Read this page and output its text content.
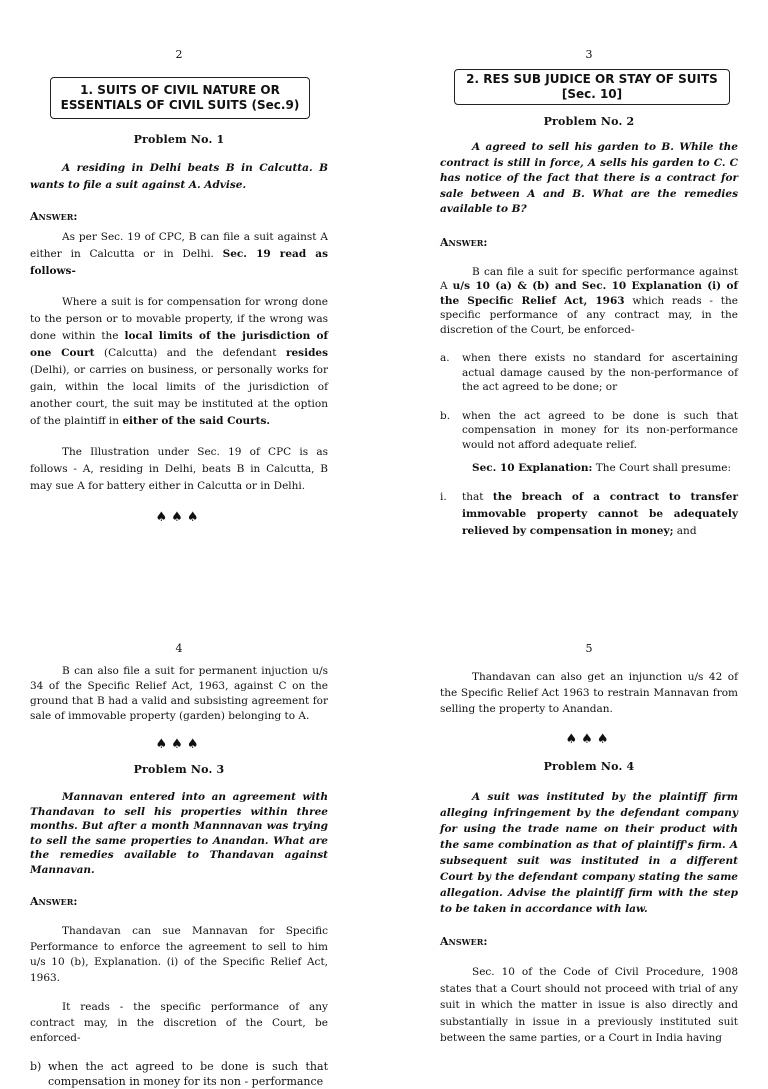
2

1. SUITS OF CIVIL NATURE OR
ESSENTIALS OF CIVIL SUITS (Sec.9)

Problem No. 1

A residing in Delhi beats B in Calcutta. B wants to file a suit against A. Advise.

Answer:

As per Sec. 19 of CPC, B can file a suit against A either in Calcutta or in Delhi. Sec. 19 read as follows-

Where a suit is for compensation for wrong done to the person or to movable property, if the wrong was done within the local limits of the jurisdiction of one Court (Calcutta) and the defendant resides (Delhi), or carries on business, or personally works for gain, within the local limits of the jurisdiction of another court, the suit may be instituted at the option of the plaintiff in either of the said Courts.

The Illustration under Sec. 19 of CPC is as follows - A, residing in Delhi, beats B in Calcutta, B may sue A for battery either in Calcutta or in Delhi.

♠♠♠

3

2. RES SUB JUDICE OR STAY OF SUITS
[Sec. 10]

Problem No. 2

A agreed to sell his garden to B. While the contract is still in force, A sells his garden to C. C has notice of the fact that there is a contract for sale between A and B. What are the remedies available to B?

Answer:

B can file a suit for specific performance against A u/s 10 (a) & (b) and Sec. 10 Explanation (i) of the Specific Relief Act, 1963 which reads - the specific performance of any contract may, in the discretion of the Court, be enforced-

a.	when there exists no standard for ascertaining actual damage caused by the non-performance of the act agreed to be done; or
b.	when the act agreed to be done is such that compensation in money for its non-performance would not afford adequate relief.

Sec. 10 Explanation: The Court shall presume:

i.	that the breach of a contract to transfer immovable property cannot be adequately relieved by compensation in money; and

4

B can also file a suit for permanent injuction u/s 34 of the Specific Relief Act, 1963, against C on the ground that B had a valid and subsisting agreement for sale of immovable property (garden) belonging to A.

♠♠♠

Problem No. 3

Mannavan entered into an agreement with Thandavan to sell his properties within three months. But after a month Mannnavan was trying to sell the same properties to Anandan. What are the remedies available to Thandavan against Mannavan.

Answer:

Thandavan can sue Mannavan for Specific Performance to enforce the agreement to sell to him u/s 10 (b), Explanation. (i) of the Specific Relief Act, 1963.

It reads - the specific performance of any contract may, in the discretion of the Court, be enforced-

b) when the act agreed to be done is such that compensation in money for its non - performance

5

Thandavan can also get an injunction u/s 42 of the Specific Relief Act 1963 to restrain Mannavan from selling the property to Anandan.

♠♠♠

Problem No. 4

A suit was instituted by the plaintiff firm alleging infringement by the defendant company for using the trade name on their product with the same combination as that of plaintiff's firm. A subsequent suit was instituted in a different Court by the defendant company stating the same allegation. Advise the plaintiff firm with the step to be taken in accordance with law.

Answer:

Sec. 10 of the Code of Civil Procedure, 1908 states that a Court should not proceed with trial of any suit in which the matter in issue is also directly and substantially in issue in a previously instituted suit between the same parties, or a Court in India having
